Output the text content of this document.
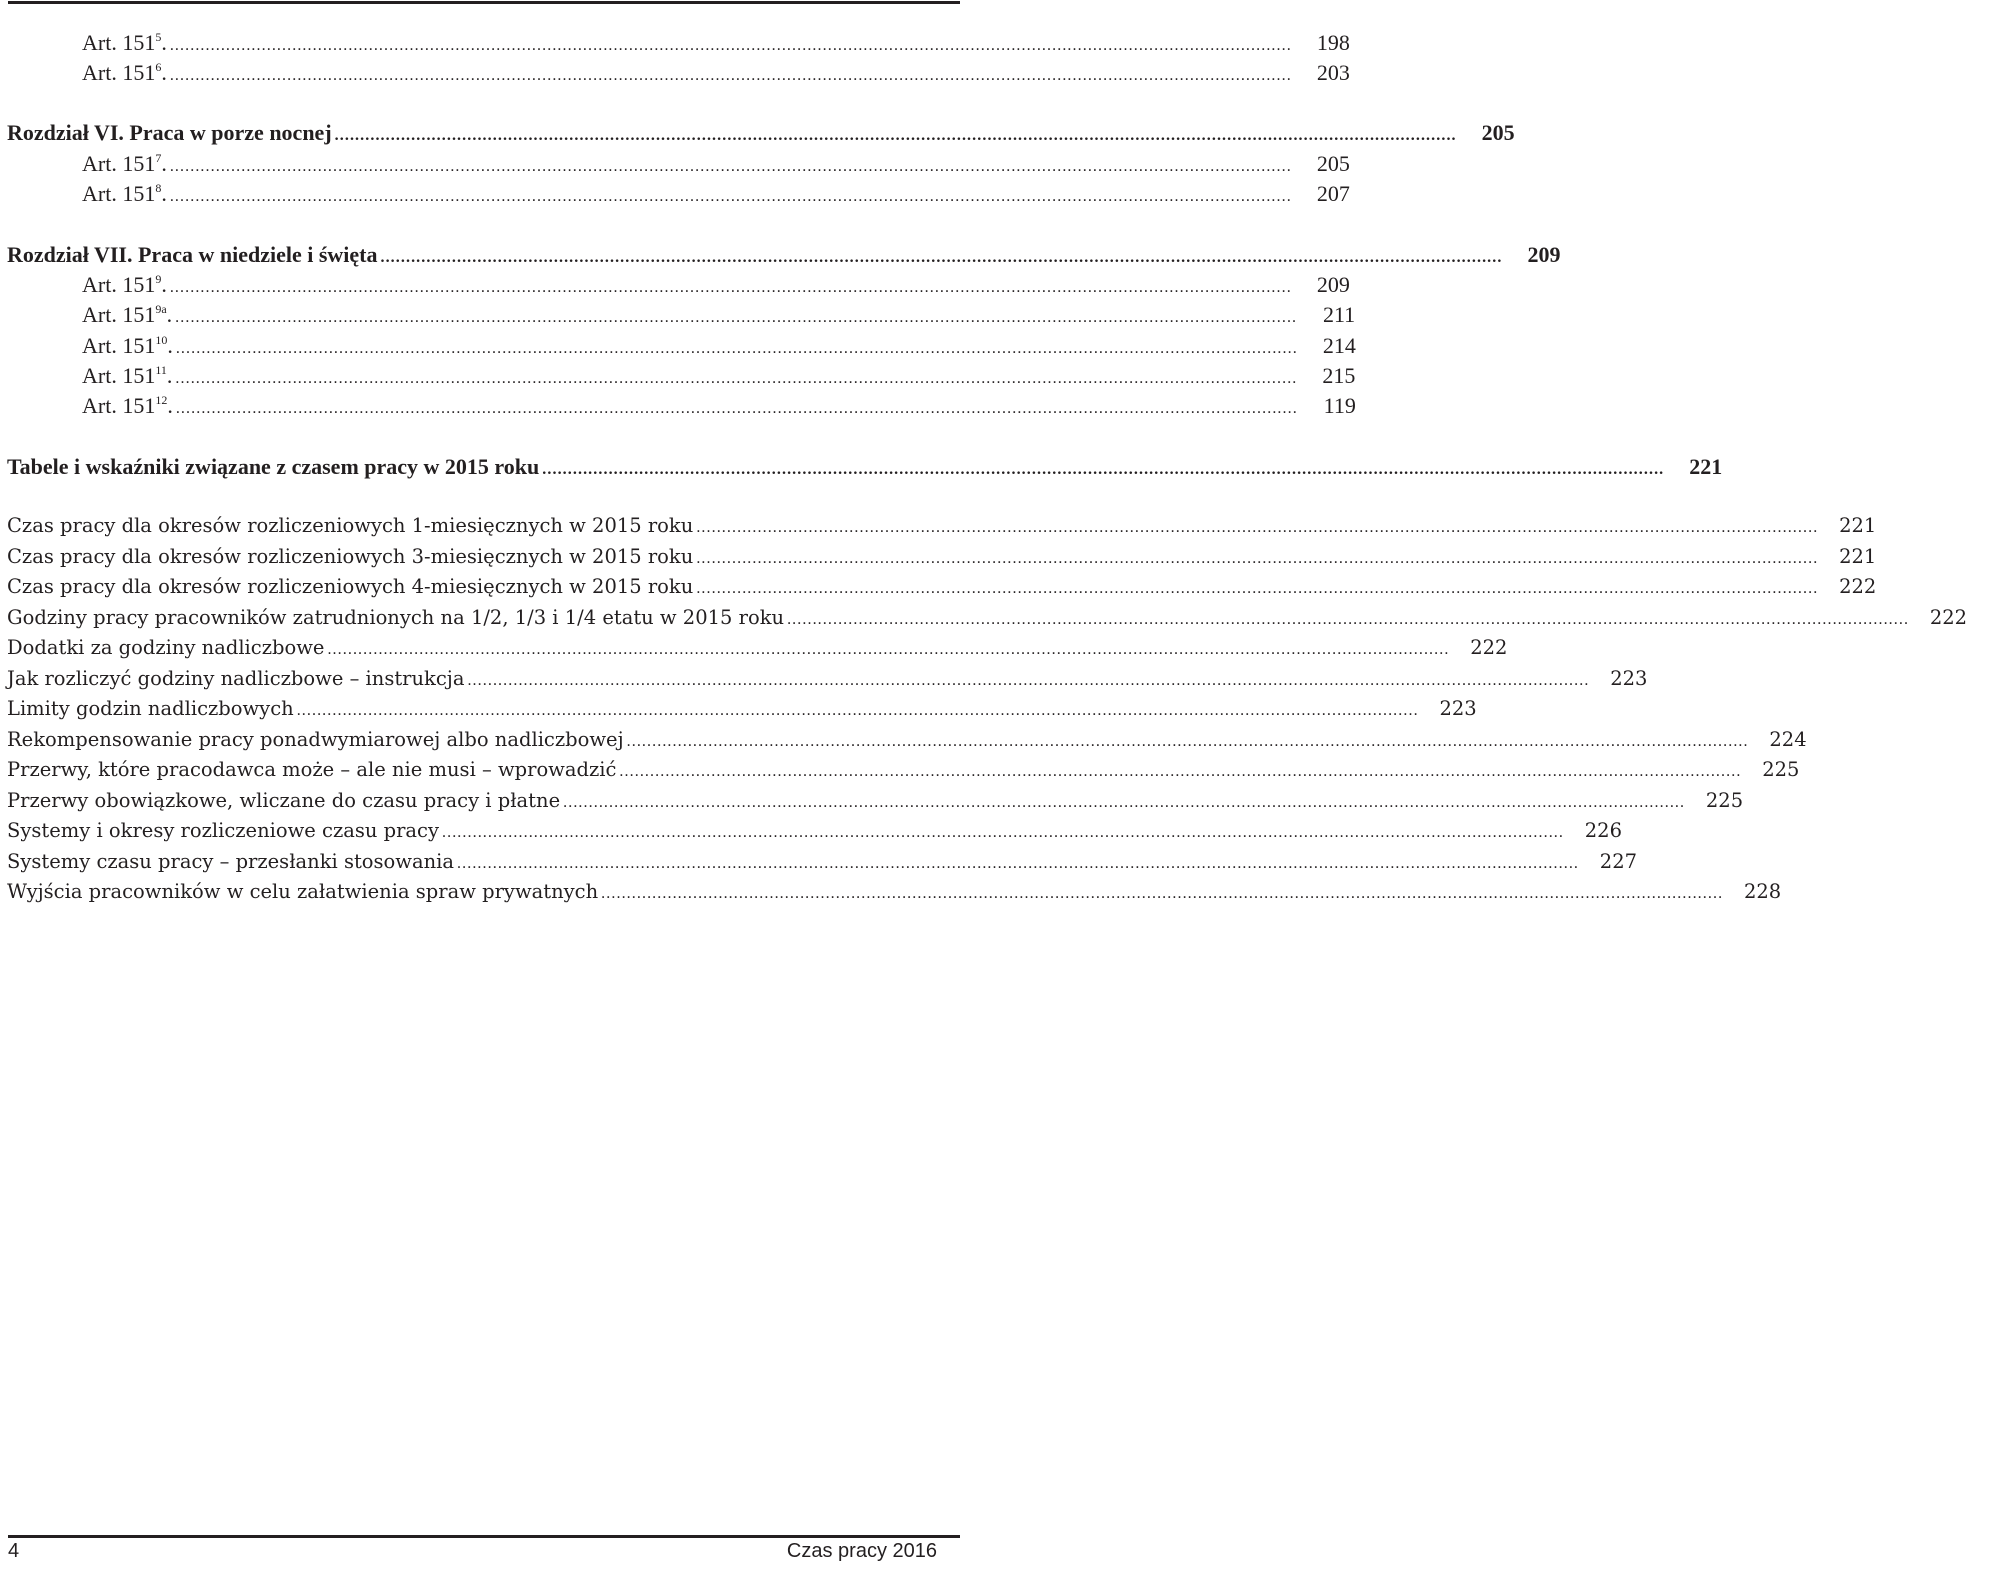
Art. $151^5$. ............................................................................................................................................................................................................................	198
Art. $151^6$. ............................................................................................................................................................................................................................	203
Rozdział VI. Praca w porze nocnej ............................................................................................................................................................................................................................	205
Art. $151^7$. ............................................................................................................................................................................................................................	205
Art. $151^8$. ............................................................................................................................................................................................................................	207
Rozdział VII. Praca w niedziele i święta ............................................................................................................................................................................................................................	209
Art. $151^9$. ............................................................................................................................................................................................................................	209
Art. $151^{9a}$. ............................................................................................................................................................................................................................	211
Art. $151^{10}$. ............................................................................................................................................................................................................................	214
Art. $151^{11}$. ............................................................................................................................................................................................................................	215
Art. $151^{12}$. ............................................................................................................................................................................................................................	119
Tabele i wskaźniki związane z czasem pracy w 2015 roku ............................................................................................................................................................................................................................	221
Czas pracy dla okresów rozliczeniowych 1-miesięcznych w 2015 roku ............................................................................................................................................................................................................................	221
Czas pracy dla okresów rozliczeniowych 3-miesięcznych w 2015 roku ............................................................................................................................................................................................................................	221
Czas pracy dla okresów rozliczeniowych 4-miesięcznych w 2015 roku ............................................................................................................................................................................................................................	222
Godziny pracy pracowników zatrudnionych na 1/2, 1/3 i 1/4 etatu w 2015 roku ............................................................................................................................................................................................................................	222
Dodatki za godziny nadliczbowe ............................................................................................................................................................................................................................	222
Jak rozliczyć godziny nadliczbowe – instrukcja ............................................................................................................................................................................................................................	223
Limity godzin nadliczbowych ............................................................................................................................................................................................................................	223
Rekompensowanie pracy ponadwymiarowej albo nadliczbowej ............................................................................................................................................................................................................................	224
Przerwy, które pracodawca może – ale nie musi – wprowadzić ............................................................................................................................................................................................................................	225
Przerwy obowiązkowe, wliczane do czasu pracy i płatne ............................................................................................................................................................................................................................	225
Systemy i okresy rozliczeniowe czasu pracy ............................................................................................................................................................................................................................	226
Systemy czasu pracy – przesłanki stosowania ............................................................................................................................................................................................................................	227
Wyjścia pracowników w celu załatwienia spraw prywatnych ............................................................................................................................................................................................................................	228
4	Czas pracy 2016
